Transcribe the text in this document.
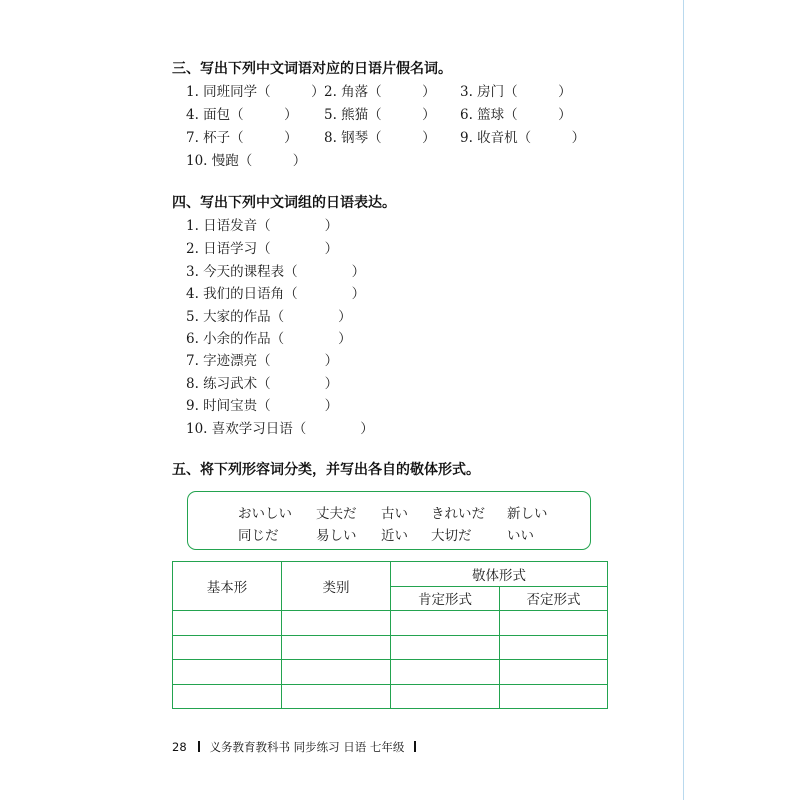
三、写出下列中文词语对应的日语片假名词。
1. 同班同学（　　　） 2. 角落（　　　） 3. 房门（　　　）
4. 面包（　　　） 5. 熊猫（　　　） 6. 篮球（　　　）
7. 杯子（　　　） 8. 钢琴（　　　） 9. 收音机（　　　）
10. 慢跑（　　　）
四、写出下列中文词组的日语表达。
1. 日语发音（　　　　）
2. 日语学习（　　　　）
3. 今天的课程表（　　　　）
4. 我们的日语角（　　　　）
5. 大家的作品（　　　　）
6. 小余的作品（　　　　）
7. 字迹漂亮（　　　　）
8. 练习武术（　　　　）
9. 时间宝贵（　　　　）
10. 喜欢学习日语（　　　　）
五、将下列形容词分类，并写出各自的敬体形式。
おいしい 丈夫だ 古い きれいだ 新しい
同じだ	易しい 近い 大切だ	いい
基本形	类别	敬体形式	
		肯定形式	否定形式

28 义务教育教科书 同步练习 日语 七年级
